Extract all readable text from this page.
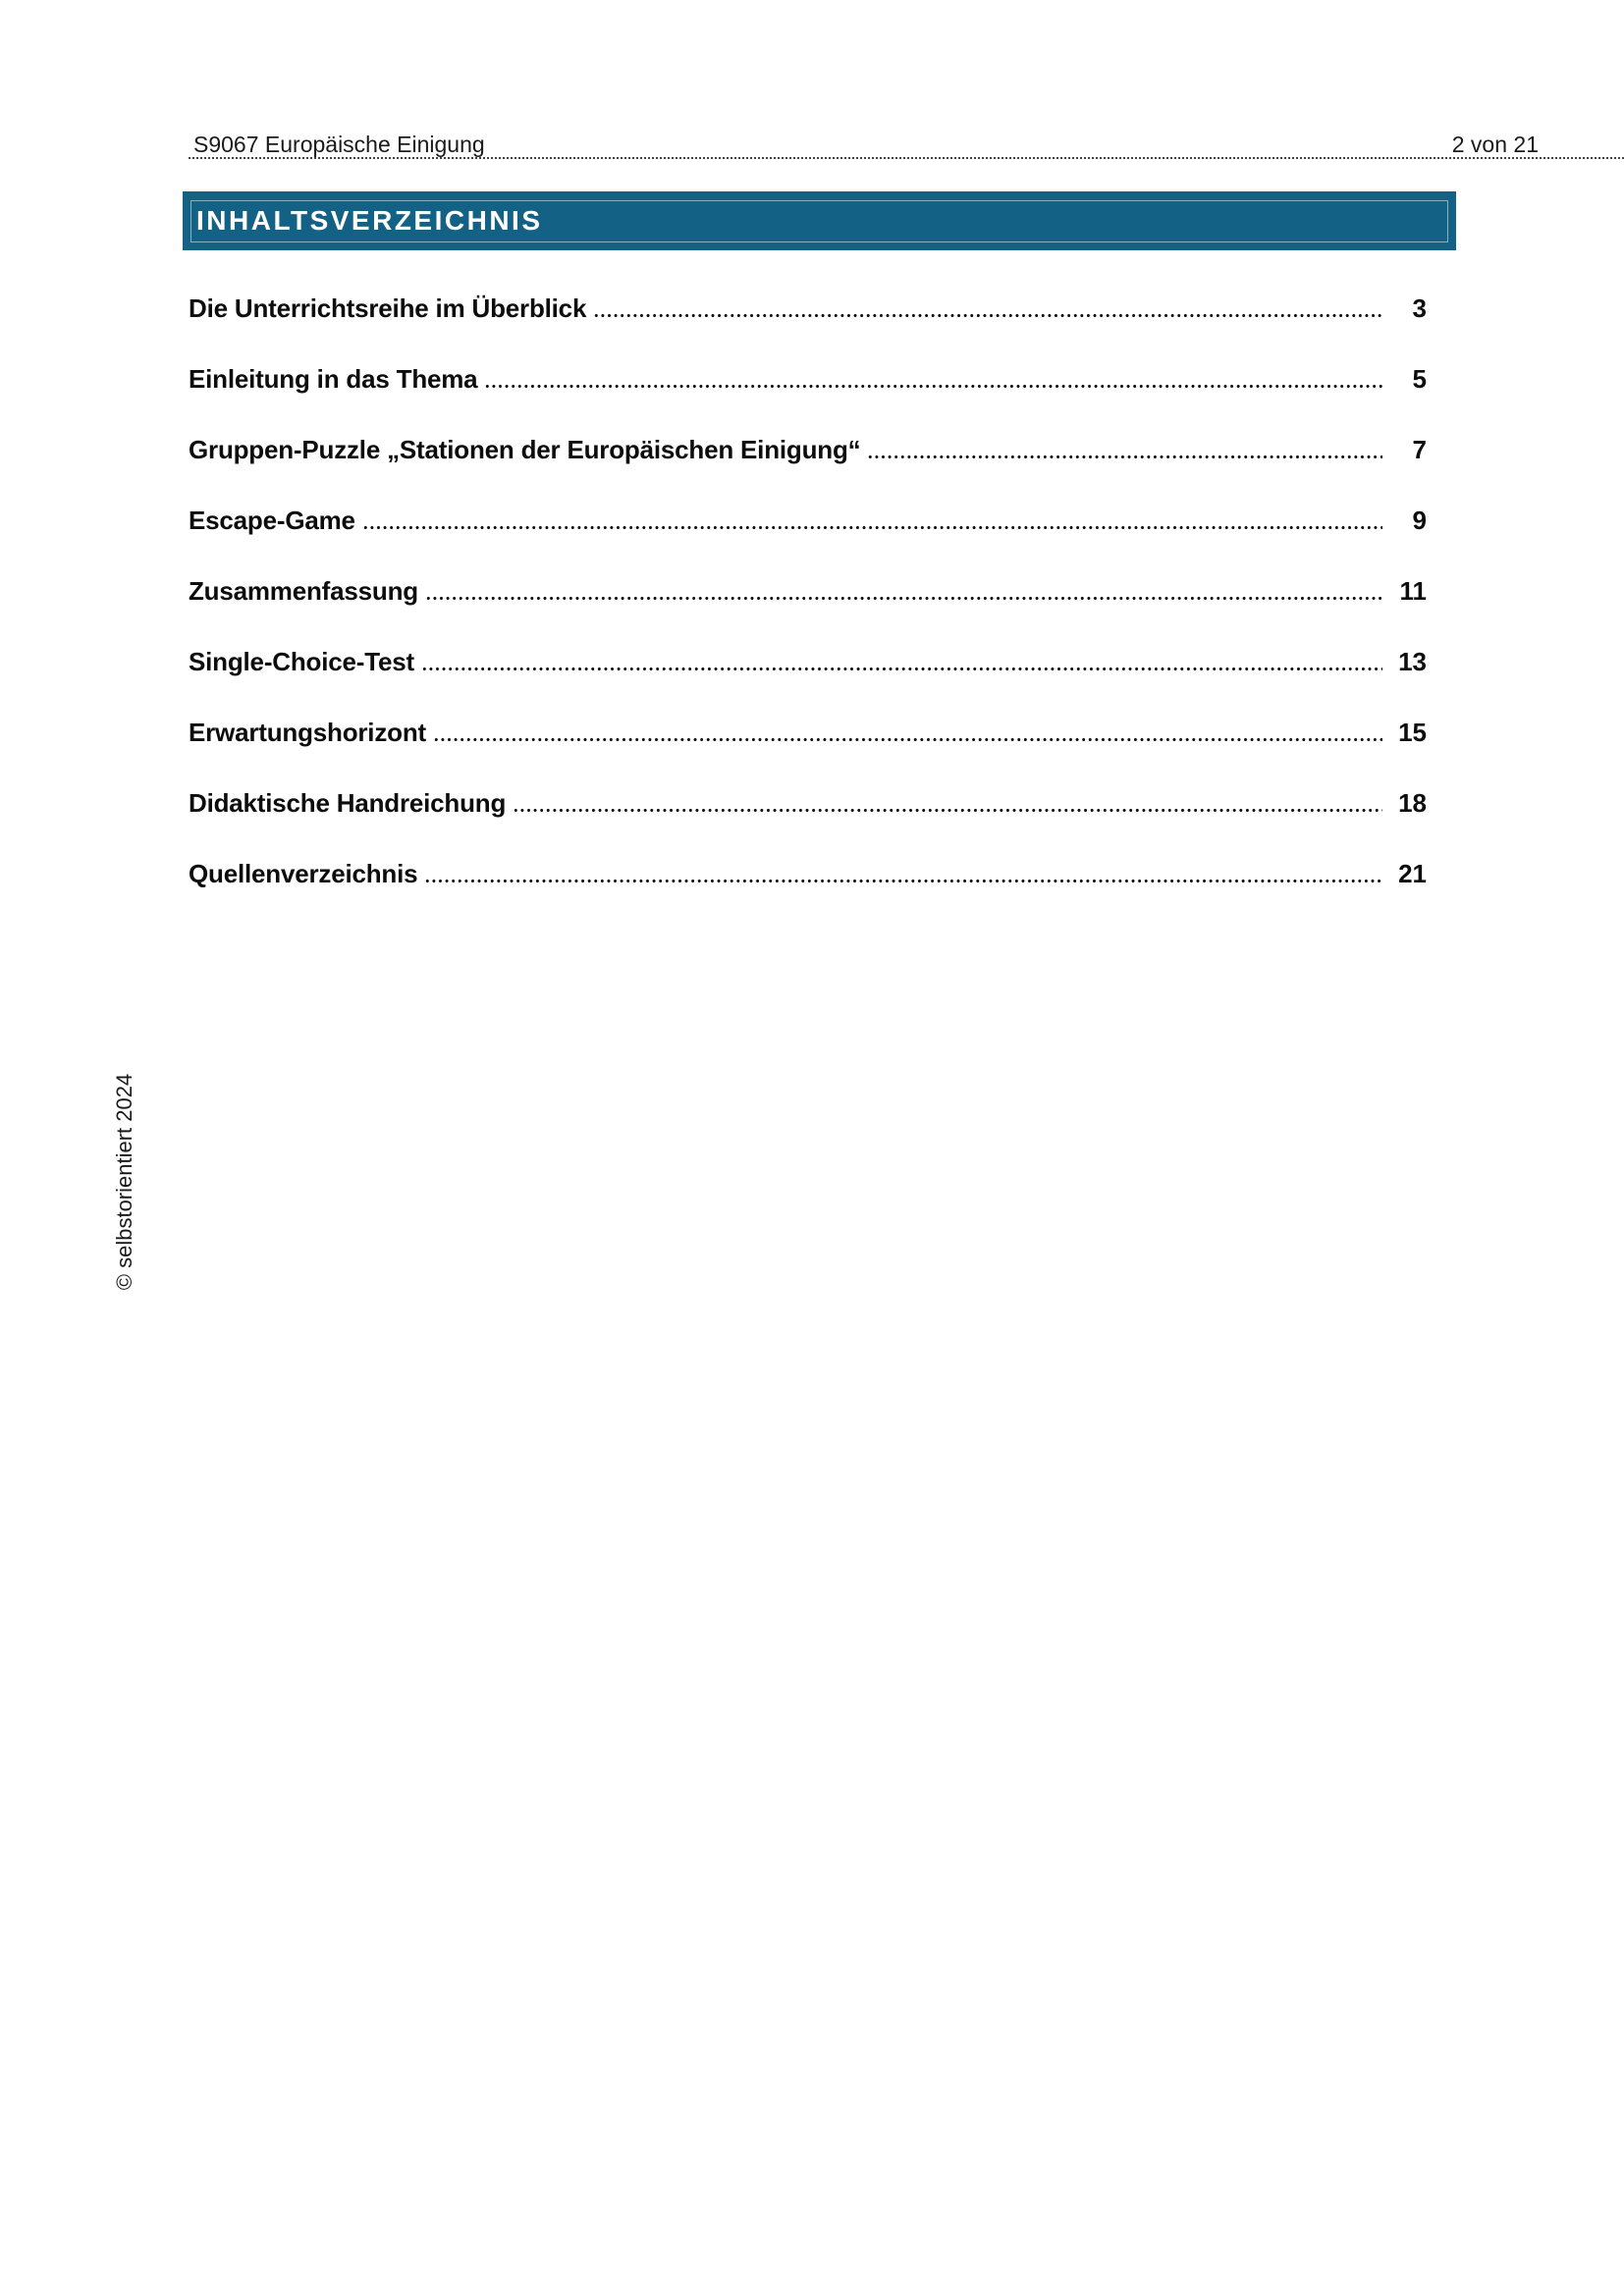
S9067 Europäische Einigung	2 von 21
INHALTSVERZEICHNIS
Die Unterrichtsreihe im Überblick	3
Einleitung in das Thema	5
Gruppen-Puzzle „Stationen der Europäischen Einigung“	7
Escape-Game	9
Zusammenfassung	11
Single-Choice-Test	13
Erwartungshorizont	15
Didaktische Handreichung	18
Quellenverzeichnis	21
© selbstorientiert 2024
